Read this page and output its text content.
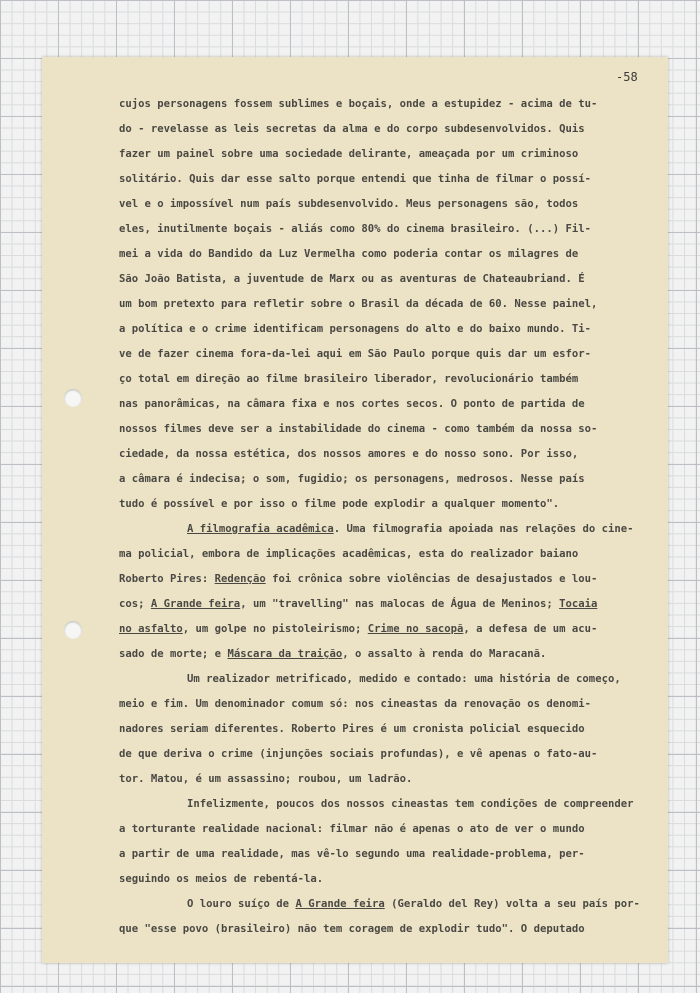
-58

cujos personagens fossem sublimes e boçais, onde a estupidez - acima de tu-

do - revelasse as leis secretas da alma e do corpo subdesenvolvidos. Quis

fazer um painel sobre uma sociedade delirante, ameaçada por um criminoso

solitário. Quis dar esse salto porque entendi que tinha de filmar o possí-

vel e o impossível num país subdesenvolvido. Meus personagens são, todos

eles, inutilmente boçais - aliás como 80% do cinema brasileiro. (...) Fil-

mei a vida do Bandido da Luz Vermelha como poderia contar os milagres de

São João Batista, a juventude de Marx ou as aventuras de Chateaubriand. É

um bom pretexto para refletir sobre o Brasil da década de 60. Nesse painel,

a política e o crime identificam personagens do alto e do baixo mundo. Ti-

ve de fazer cinema fora-da-lei aqui em São Paulo porque quis dar um esfor-

ço total em direção ao filme brasileiro liberador, revolucionário também

nas panorâmicas, na câmara fixa e nos cortes secos. O ponto de partida de

nossos filmes deve ser a instabilidade do cinema - como também da nossa so-

ciedade, da nossa estética, dos nossos amores e do nosso sono. Por isso,

a câmara é indecisa; o som, fugidio; os personagens, medrosos. Nesse país

tudo é possível e por isso o filme pode explodir a qualquer momento".

A filmografia acadêmica. Uma filmografia apoiada nas relações do cine-

ma policial, embora de implicações acadêmicas, esta do realizador baiano

Roberto Pires: Redenção foi crônica sobre violências de desajustados e lou-

cos; A Grande feira, um "travelling" nas malocas de Água de Meninos; Tocaia

no asfalto, um golpe no pistoleirismo; Crime no sacopã, a defesa de um acu-

sado de morte; e Máscara da traição, o assalto à renda do Maracanã.

Um realizador metrificado, medido e contado: uma história de começo,

meio e fim. Um denominador comum só: nos cineastas da renovação os denomi-

nadores seriam diferentes. Roberto Pires é um cronista policial esquecido

de que deriva o crime (injunções sociais profundas), e vê apenas o fato-au-

tor. Matou, é um assassino; roubou, um ladrão.

Infelizmente, poucos dos nossos cineastas tem condições de compreender

a torturante realidade nacional: filmar não é apenas o ato de ver o mundo

a partir de uma realidade, mas vê-lo segundo uma realidade-problema, per-

seguindo os meios de rebentá-la.

O louro suíço de A Grande feira (Geraldo del Rey) volta a seu país por-

que "esse povo (brasileiro) não tem coragem de explodir tudo". O deputado
